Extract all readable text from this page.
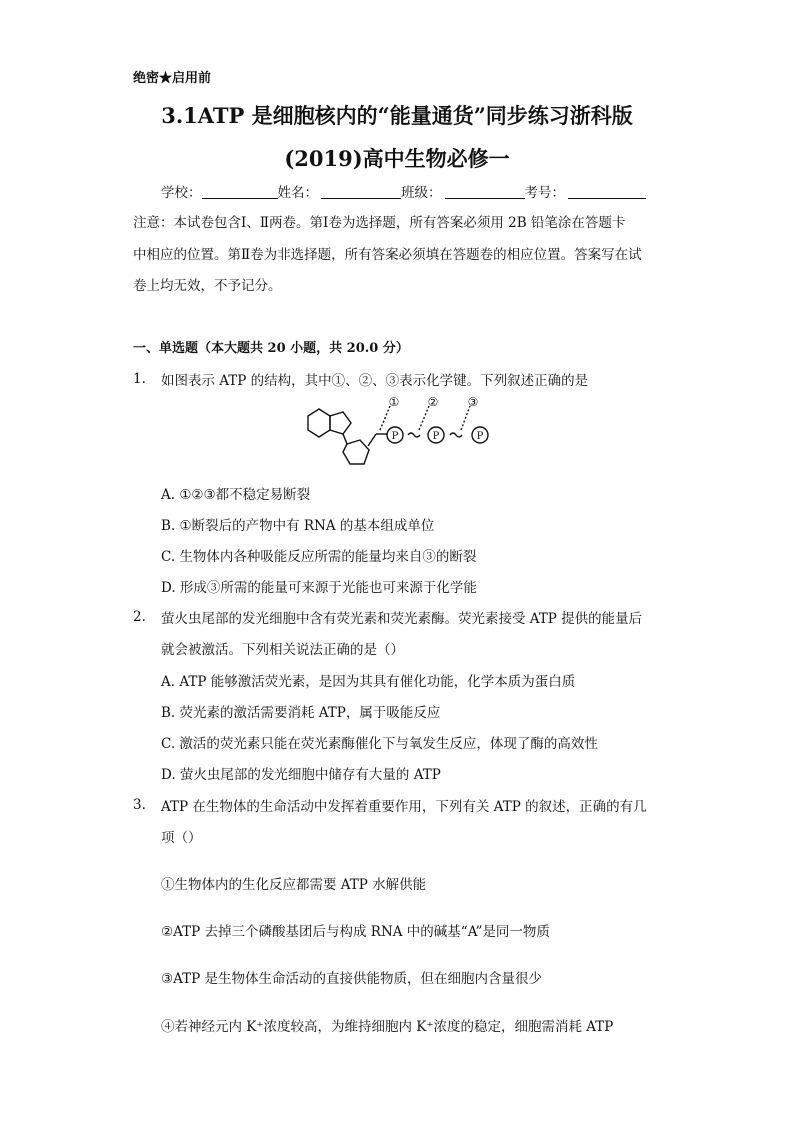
绝密★启用前
3.1ATP 是细胞核内的“能量通货”同步练习浙科版
(2019)高中生物必修一
学校：	姓名：	班级：	考号：
注意：本试卷包含Ⅰ、Ⅱ两卷。第Ⅰ卷为选择题，所有答案必须用 2B 铅笔涂在答题卡
中相应的位置。第Ⅱ卷为非选择题，所有答案必须填在答题卷的相应位置。答案写在试
卷上均无效，不予记分。
一、单选题（本大题共 20 小题，共 20.0 分）
1. 如图表示 ATP 的结构，其中①、②、③表示化学键。下列叙述正确的是
① ② ③
P	P	P
A. ①②③都不稳定易断裂
B. ①断裂后的产物中有 RNA 的基本组成单位
C. 生物体内各种吸能反应所需的能量均来自③的断裂
D. 形成③所需的能量可来源于光能也可来源于化学能
2. 萤火虫尾部的发光细胞中含有荧光素和荧光素酶。荧光素接受 ATP 提供的能量后
就会被激活。下列相关说法正确的是（）
A. ATP 能够激活荧光素，是因为其具有催化功能，化学本质为蛋白质
B. 荧光素的激活需要消耗 ATP，属于吸能反应
C. 激活的荧光素只能在荧光素酶催化下与氧发生反应，体现了酶的高效性
D. 萤火虫尾部的发光细胞中储存有大量的 ATP
3. ATP 在生物体的生命活动中发挥着重要作用，下列有关 ATP 的叙述，正确的有几
项（）
①生物体内的生化反应都需要 ATP 水解供能
②ATP 去掉三个磷酸基团后与构成 RNA 中的碱基“A”是同一物质
③ATP 是生物体生命活动的直接供能物质，但在细胞内含量很少
④若神经元内 K⁺浓度较高，为维持细胞内 K⁺浓度的稳定，细胞需消耗 ATP
